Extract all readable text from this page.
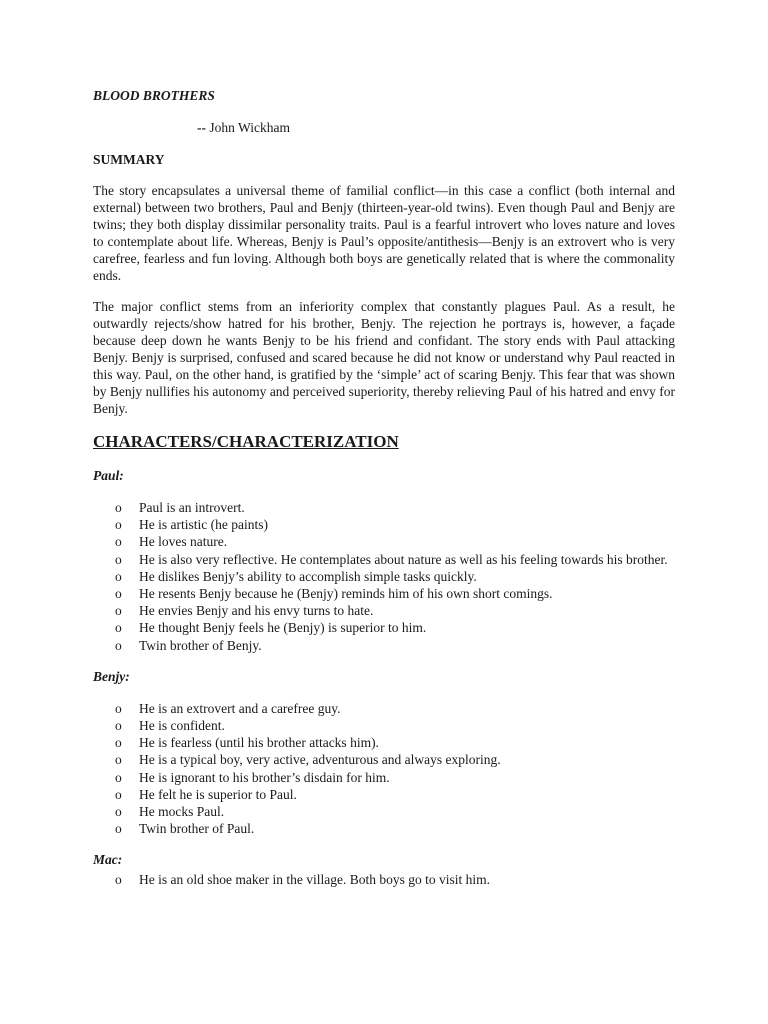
BLOOD BROTHERS

-- John Wickham

SUMMARY

The story encapsulates a universal theme of familial conflict—in this case a conflict (both internal and external) between two brothers, Paul and Benjy (thirteen-year-old twins). Even though Paul and Benjy are twins; they both display dissimilar personality traits. Paul is a fearful introvert who loves nature and loves to contemplate about life. Whereas, Benjy is Paul’s opposite/antithesis—Benjy is an extrovert who is very carefree, fearless and fun loving. Although both boys are genetically related that is where the commonality ends.

The major conflict stems from an inferiority complex that constantly plagues Paul. As a result, he outwardly rejects/show hatred for his brother, Benjy. The rejection he portrays is, however, a façade because deep down he wants Benjy to be his friend and confidant. The story ends with Paul attacking Benjy. Benjy is surprised, confused and scared because he did not know or understand why Paul reacted in this way. Paul, on the other hand, is gratified by the ‘simple’ act of scaring Benjy. This fear that was shown by Benjy nullifies his autonomy and perceived superiority, thereby relieving Paul of his hatred and envy for Benjy.

CHARACTERS/CHARACTERIZATION

Paul:

o Paul is an introvert.
o He is artistic (he paints)
o He loves nature.
o He is also very reflective. He contemplates about nature as well as his feeling towards his brother.
o He dislikes Benjy’s ability to accomplish simple tasks quickly.
o He resents Benjy because he (Benjy) reminds him of his own short comings.
o He envies Benjy and his envy turns to hate.
o He thought Benjy feels he (Benjy) is superior to him.
o Twin brother of Benjy.

Benjy:

o He is an extrovert and a carefree guy.
o He is confident.
o He is fearless (until his brother attacks him).
o He is a typical boy, very active, adventurous and always exploring.
o He is ignorant to his brother’s disdain for him.
o He felt he is superior to Paul.
o He mocks Paul.
o Twin brother of Paul.

Mac:

o He is an old shoe maker in the village. Both boys go to visit him.
